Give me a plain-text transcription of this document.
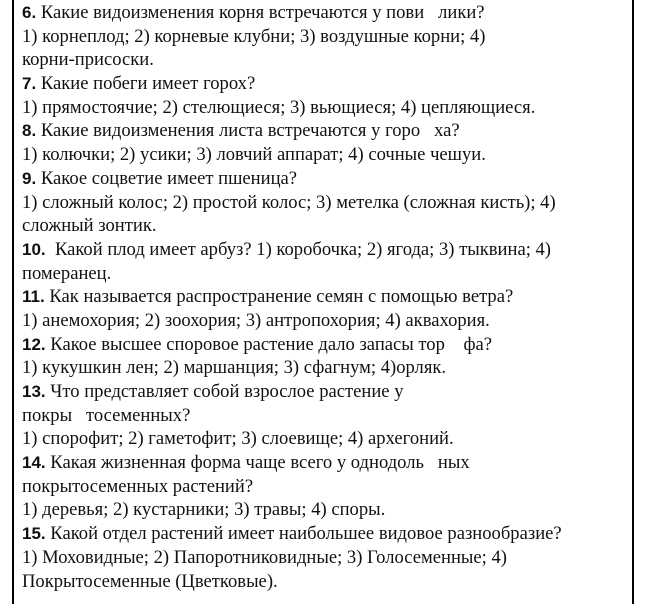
6. Какие видоизменения корня встречаются у пови   лики?
1) корнеплод; 2) корневые клубни; 3) воздушные корни; 4)
корни-присоски.
7. Какие побеги имеет горох?
1) прямостоячие; 2) стелющиеся; 3) вьющиеся; 4) цепляющиеся.
8. Какие видоизменения листа встречаются у горо   ха?
1) колючки; 2) усики; 3) ловчий аппарат; 4) сочные чешуи.
9. Какое соцветие имеет пшеница?
1) сложный колос; 2) простой колос; 3) метелка (сложная кисть); 4)
сложный зонтик.
10.  Какой плод имеет арбуз? 1) коробочка; 2) ягода; 3) тыквина; 4)
померанец.
11. Как называется распространение семян с помощью ветра?
1) анемохория; 2) зоохория; 3) антропохория; 4) аквахория.
12. Какое высшее споровое растение дало запасы тор    фа?
1) кукушкин лен; 2) маршанция; 3) сфагнум; 4)орляк.
13. Что представляет собой взрослое растение у
покры   тосеменных?
1) спорофит; 2) гаметофит; 3) слоевище; 4) архегоний.
14. Какая жизненная форма чаще всего у однодоль   ных
покрытосеменных растений?
1) деревья; 2) кустарники; 3) травы; 4) споры.
15. Какой отдел растений имеет наибольшее видовое разнообразие?
1) Моховидные; 2) Папоротниковидные; 3) Голосеменные; 4)
Покрытосеменные (Цветковые).
